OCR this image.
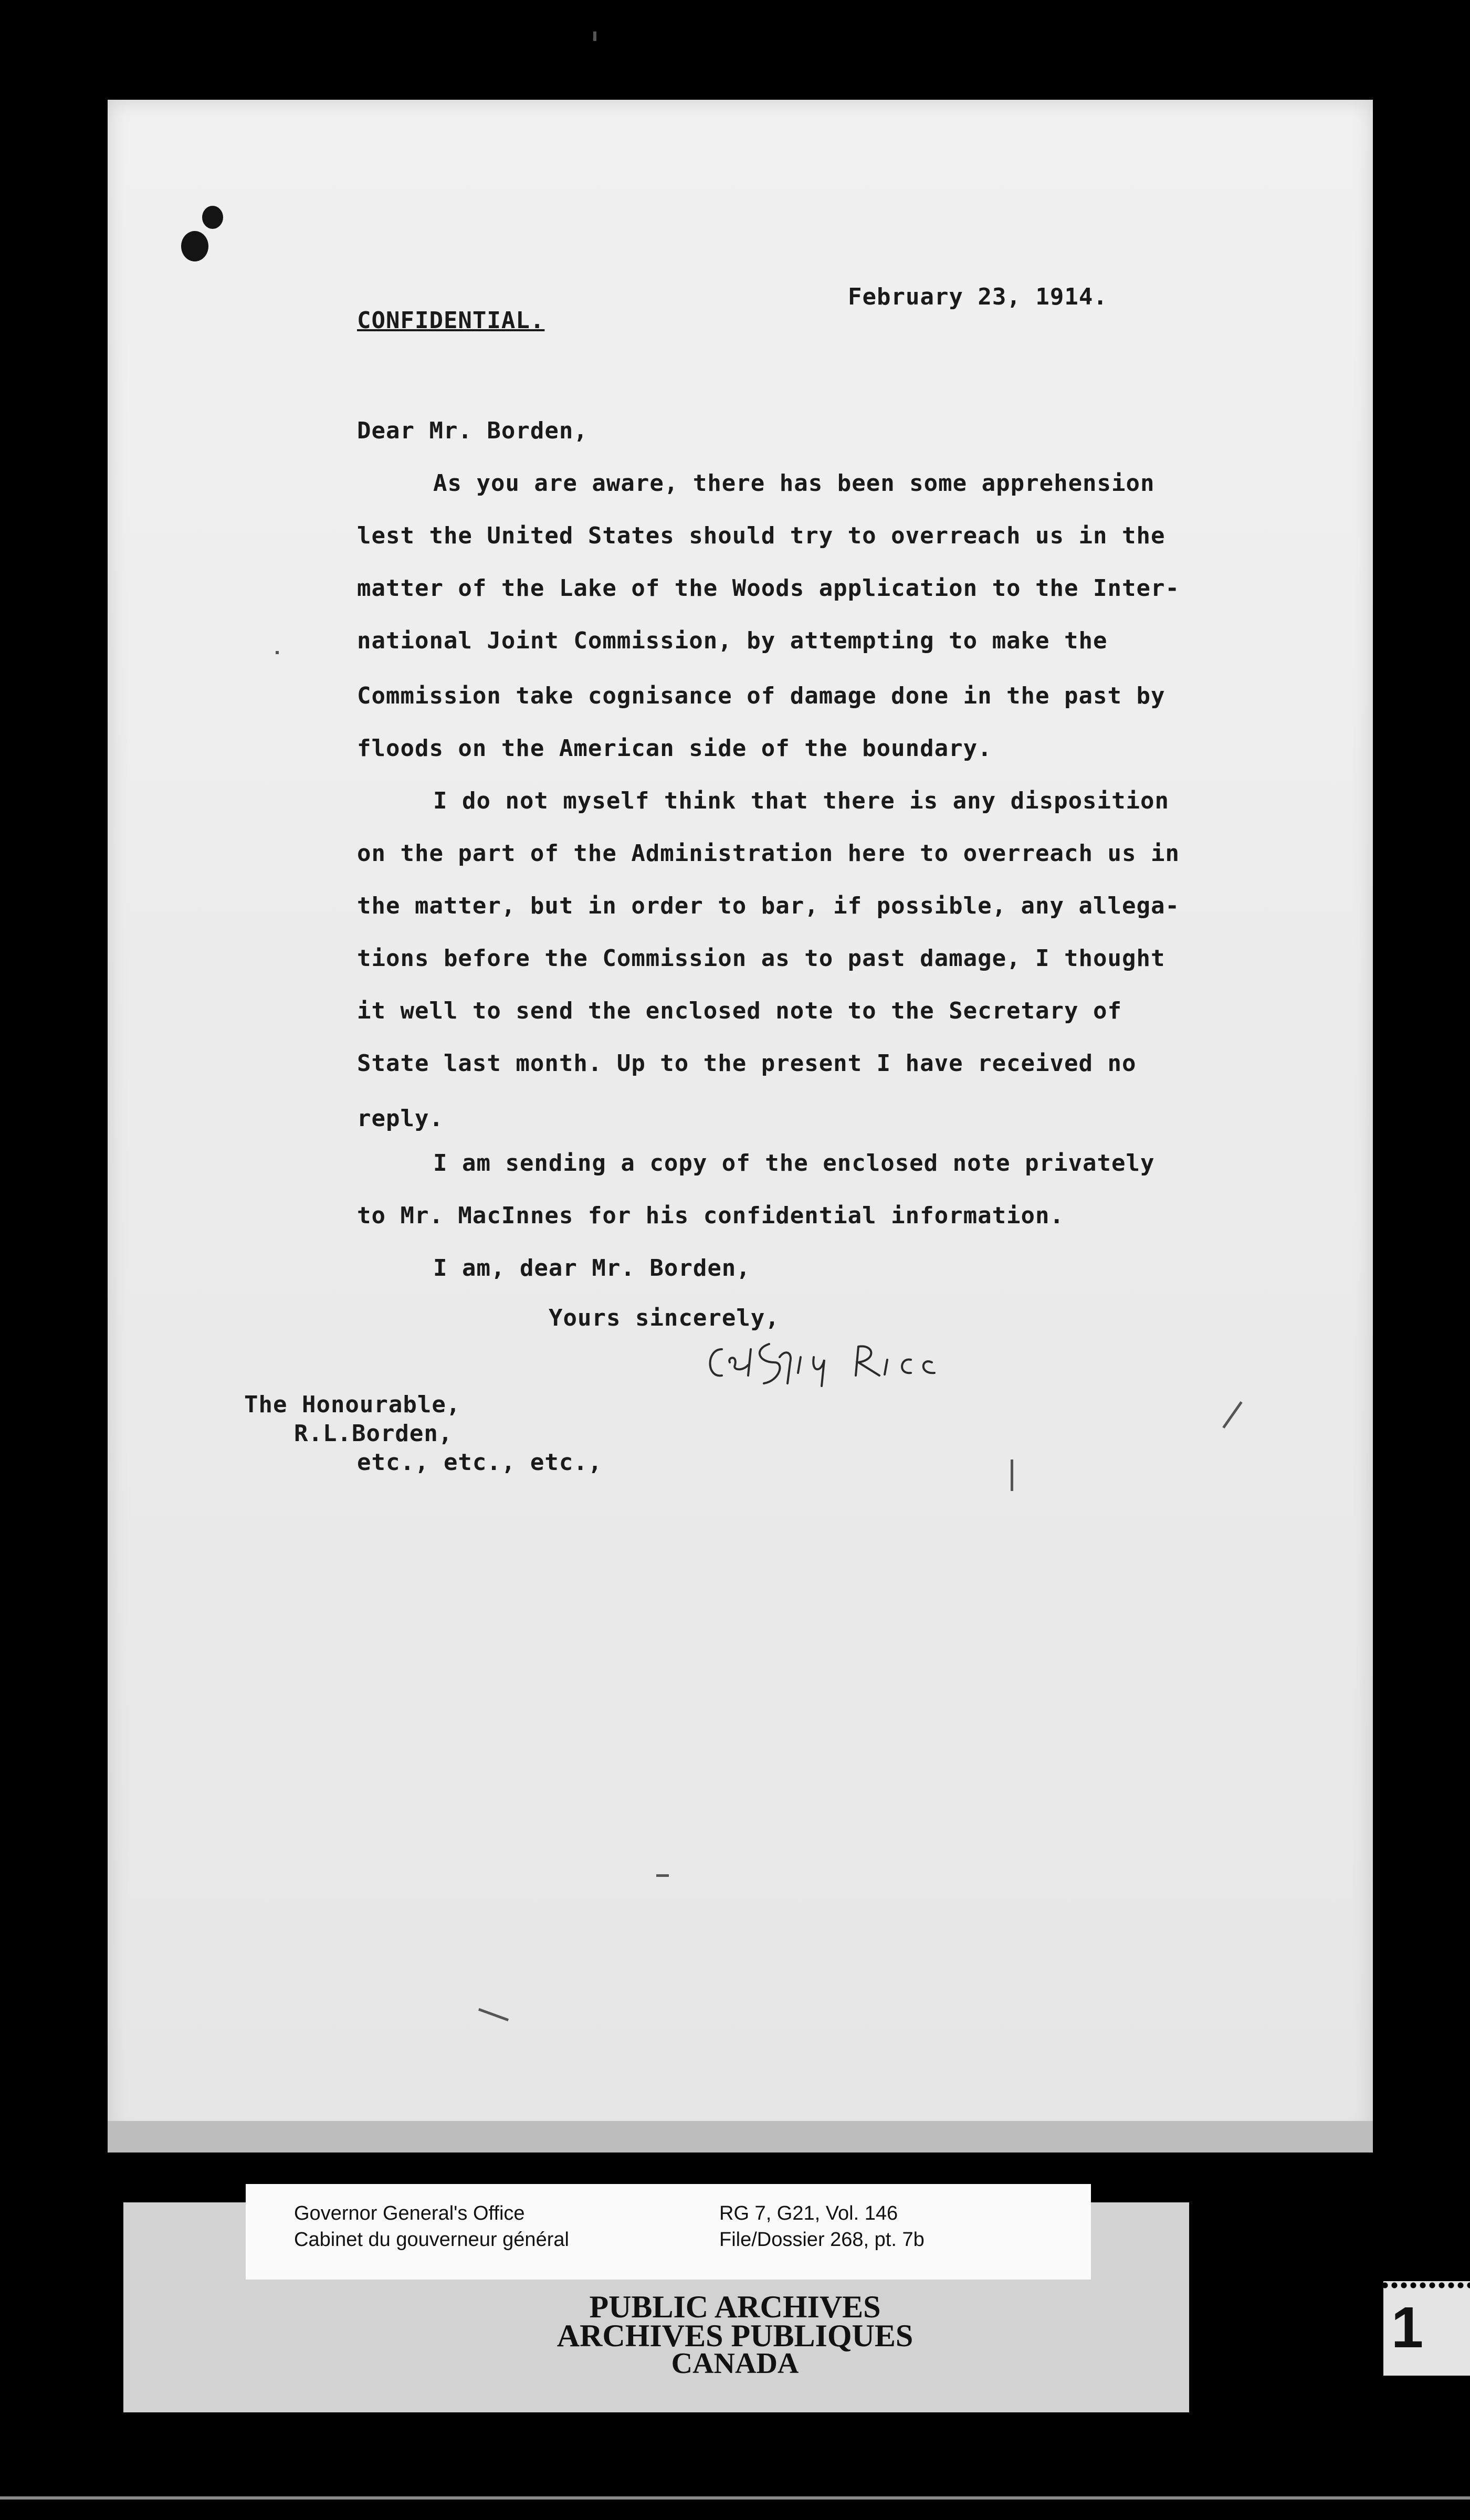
CONFIDENTIAL.
February 23, 1914.
Dear Mr. Borden,
As you are aware, there has been some apprehension
lest the United States should try to overreach us in the
matter of the Lake of the Woods application to the Inter-
national Joint Commission, by attempting to make the
Commission take cognisance of damage done in the past by
floods on the American side of the boundary.
I do not myself think that there is any disposition
on the part of the Administration here to overreach us in
the matter, but in order to bar, if possible, any allega-
tions before the Commission as to past damage, I thought
it well to send the enclosed note to the Secretary of
State last month. Up to the present I have received no
reply.
I am sending a copy of the enclosed note privately
to Mr. MacInnes for his confidential information.
I am, dear Mr. Borden,
Yours sincerely,
The Honourable,
R.L.Borden,
etc., etc., etc.,
Governor General's Office
Cabinet du gouverneur général
RG 7, G21, Vol. 146
File/Dossier 268, pt. 7b
PUBLIC ARCHIVES
ARCHIVES PUBLIQUES
CANADA
1
